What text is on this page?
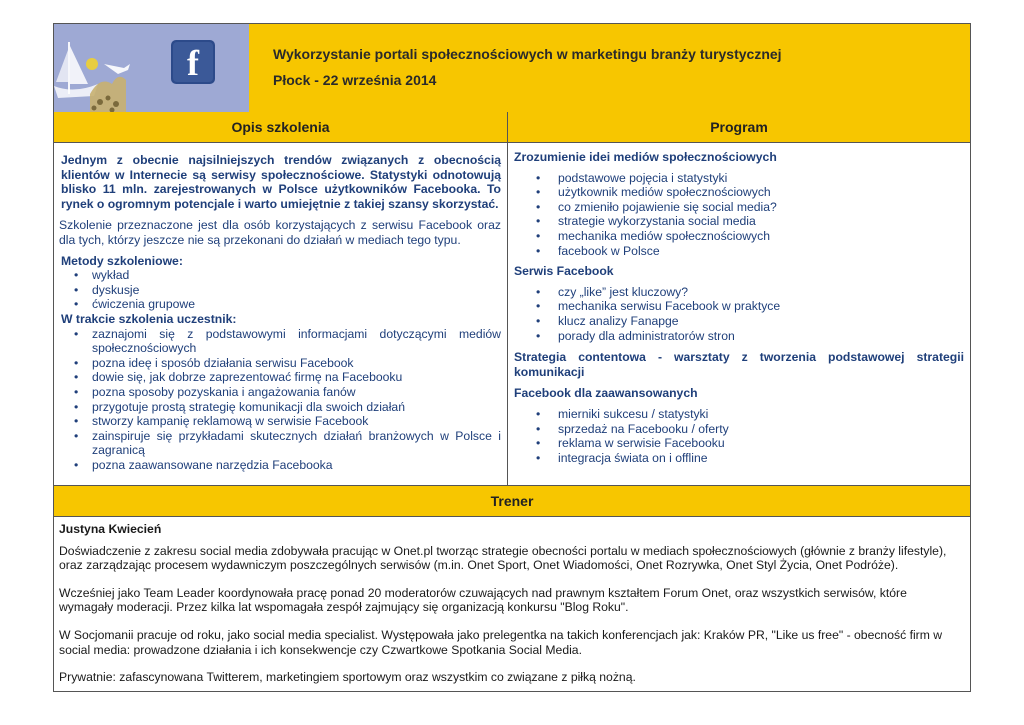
f	Wykorzystanie portali społecznościowych w marketingu branży turystycznej
Płock - 22 września 2014
Opis szkolenia	Program
Jednym z obecnie najsilniejszych trendów związanych z obecnością klientów w Internecie są serwisy społecznościowe. Statystyki odnotowują blisko 11 mln. zarejestrowanych w Polsce użytkowników Facebooka. To rynek o ogromnym potencjale i warto umiejętnie z takiej szansy skorzystać.
Szkolenie przeznaczone jest dla osób korzystających z serwisu Facebook oraz dla tych, którzy jeszcze nie są przekonani do działań w mediach tego typu.
Metody szkoleniowe:
• wykład
• dyskusje
• ćwiczenia grupowe
W trakcie szkolenia uczestnik:
• zaznajomi się z podstawowymi informacjami dotyczącymi mediów społecznościowych
• pozna ideę i sposób działania serwisu Facebook
• dowie się, jak dobrze zaprezentować firmę na Facebooku
• pozna sposoby pozyskania i angażowania fanów
• przygotuje prostą strategię komunikacji dla swoich działań
• stworzy kampanię reklamową w serwisie Facebook
• zainspiruje się przykładami skutecznych działań branżowych w Polsce i zagranicą
• pozna zaawansowane narzędzia Facebooka
Zrozumienie idei mediów społecznościowych
• podstawowe pojęcia i statystyki
• użytkownik mediów społecznościowych
• co zmieniło pojawienie się social media?
• strategie wykorzystania social media
• mechanika mediów społecznościowych
• facebook w Polsce
Serwis Facebook
• czy „like” jest kluczowy?
• mechanika serwisu Facebook w praktyce
• klucz analizy Fanapge
• porady dla administratorów stron
Strategia contentowa - warsztaty z tworzenia podstawowej strategii komunikacji
Facebook dla zaawansowanych
• mierniki sukcesu / statystyki
• sprzedaż na Facebooku / oferty
• reklama w serwisie Facebooku
• integracja świata on i offline
Trener

Justyna Kwiecień

Doświadczenie z zakresu social media zdobywała pracując w Onet.pl tworząc strategie obecności portalu w mediach społecznościowych (głównie z branży lifestyle), oraz zarządzając procesem wydawniczym poszczególnych serwisów (m.in. Onet Sport, Onet Wiadomości, Onet Rozrywka, Onet Styl Życia, Onet Podróże).

Wcześniej jako Team Leader koordynowała pracę ponad 20 moderatorów czuwających nad prawnym kształtem Forum Onet, oraz wszystkich serwisów, które wymagały moderacji. Przez kilka lat wspomagała zespół zajmujący się organizacją konkursu "Blog Roku".

W Socjomanii pracuje od roku, jako social media specialist. Występowała jako prelegentka na takich konferencjach jak: Kraków PR, "Like us free" - obecność firm w social media: prowadzone działania i ich konsekwencje czy Czwartkowe Spotkania Social Media.

Prywatnie: zafascynowana Twitterem, marketingiem sportowym oraz wszystkim co związane z piłką nożną.
